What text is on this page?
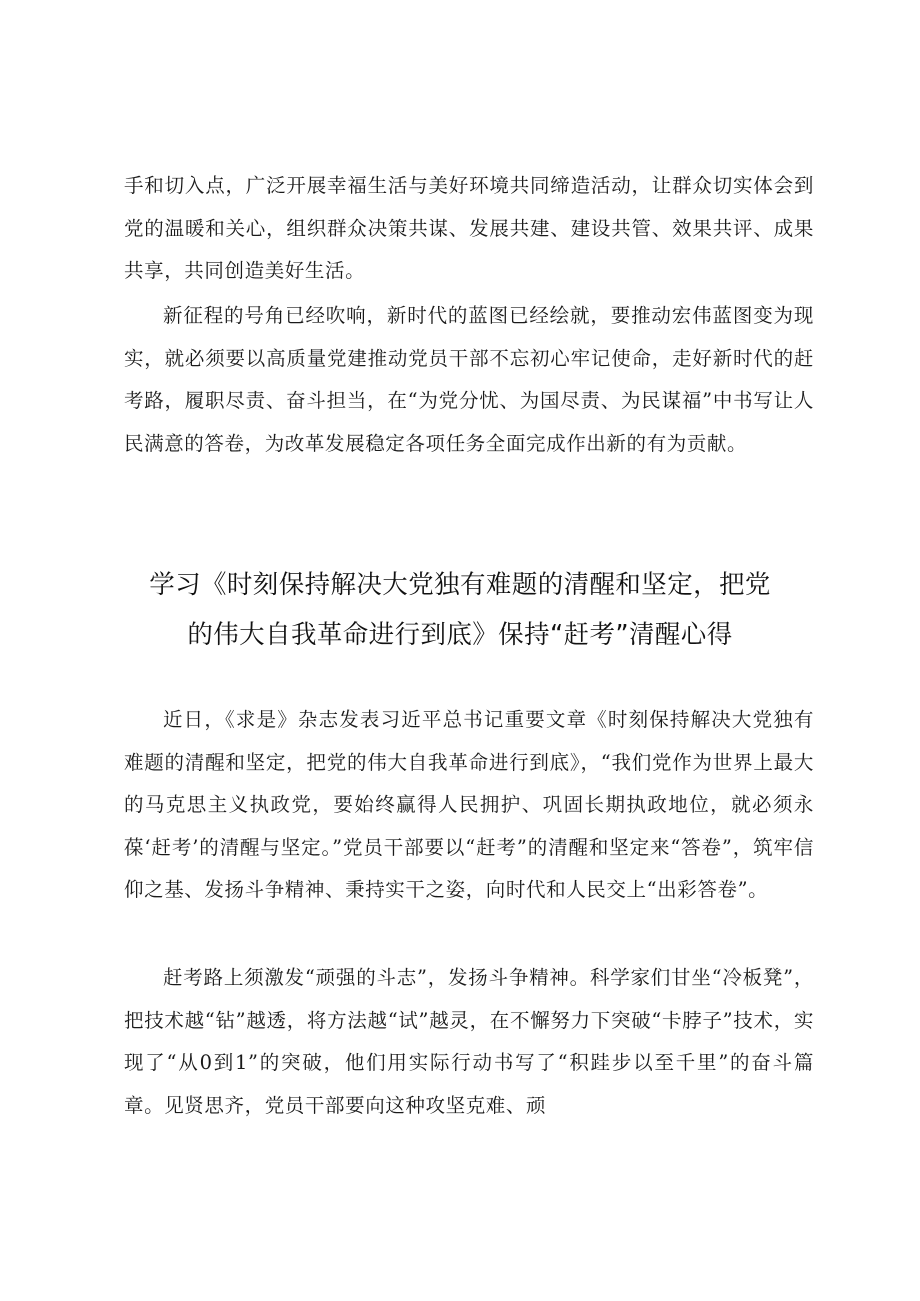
手和切入点，广泛开展幸福生活与美好环境共同缔造活动，让群众切实体会到党的温暖和关心，组织群众决策共谋、发展共建、建设共管、效果共评、成果共享，共同创造美好生活。

新征程的号角已经吹响，新时代的蓝图已经绘就，要推动宏伟蓝图变为现实，就必须要以高质量党建推动党员干部不忘初心牢记使命，走好新时代的赶考路，履职尽责、奋斗担当，在“为党分忧、为国尽责、为民谋福”中书写让人民满意的答卷，为改革发展稳定各项任务全面完成作出新的有为贡献。

学习《时刻保持解决大党独有难题的清醒和坚定，把党
的伟大自我革命进行到底》保持“赶考”清醒心得

近日，《求是》杂志发表习近平总书记重要文章《时刻保持解决大党独有难题的清醒和坚定，把党的伟大自我革命进行到底》，“我们党作为世界上最大的马克思主义执政党，要始终赢得人民拥护、巩固长期执政地位，就必须永葆‘赶考’的清醒与坚定。”党员干部要以“赶考”的清醒和坚定来“答卷”，筑牢信仰之基、发扬斗争精神、秉持实干之姿，向时代和人民交上“出彩答卷”。

赶考路上须激发“顽强的斗志”，发扬斗争精神。科学家们甘坐“冷板凳”，把技术越“钻”越透，将方法越“试”越灵，在不懈努力下突破“卡脖子”技术，实现了“从0到1”的突破，他们用实际行动书写了“积跬步以至千里”的奋斗篇章。见贤思齐，党员干部要向这种攻坚克难、顽
